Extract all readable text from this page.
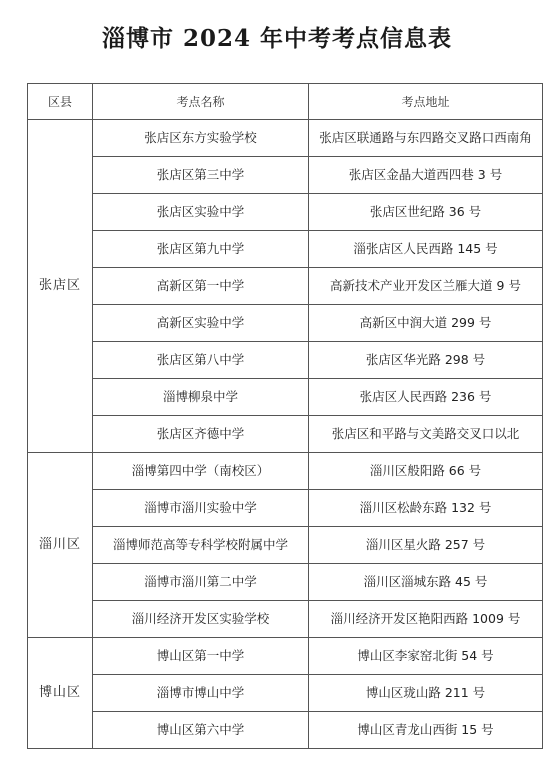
淄博市 2024 年中考考点信息表
区县	考点名称	考点地址
张店区	张店区东方实验学校	张店区联通路与东四路交叉路口西南角
	张店区第三中学	张店区金晶大道西四巷 3 号
	张店区实验中学	张店区世纪路 36 号
	张店区第九中学	淄张店区人民西路 145 号
	高新区第一中学	高新技术产业开发区兰雁大道 9 号
	高新区实验中学	高新区中润大道 299 号
	张店区第八中学	张店区华光路 298 号
	淄博柳泉中学	张店区人民西路 236 号
	张店区齐德中学	张店区和平路与文美路交叉口以北
淄川区	淄博第四中学（南校区）	淄川区般阳路 66 号
	淄博市淄川实验中学	淄川区松龄东路 132 号
	淄博师范高等专科学校附属中学	淄川区星火路 257 号
	淄博市淄川第二中学	淄川区淄城东路 45 号
	淄川经济开发区实验学校	淄川经济开发区艳阳西路 1009 号
博山区	博山区第一中学	博山区李家窑北街 54 号
	淄博市博山中学	博山区珑山路 211 号
	博山区第六中学	博山区青龙山西街 15 号
